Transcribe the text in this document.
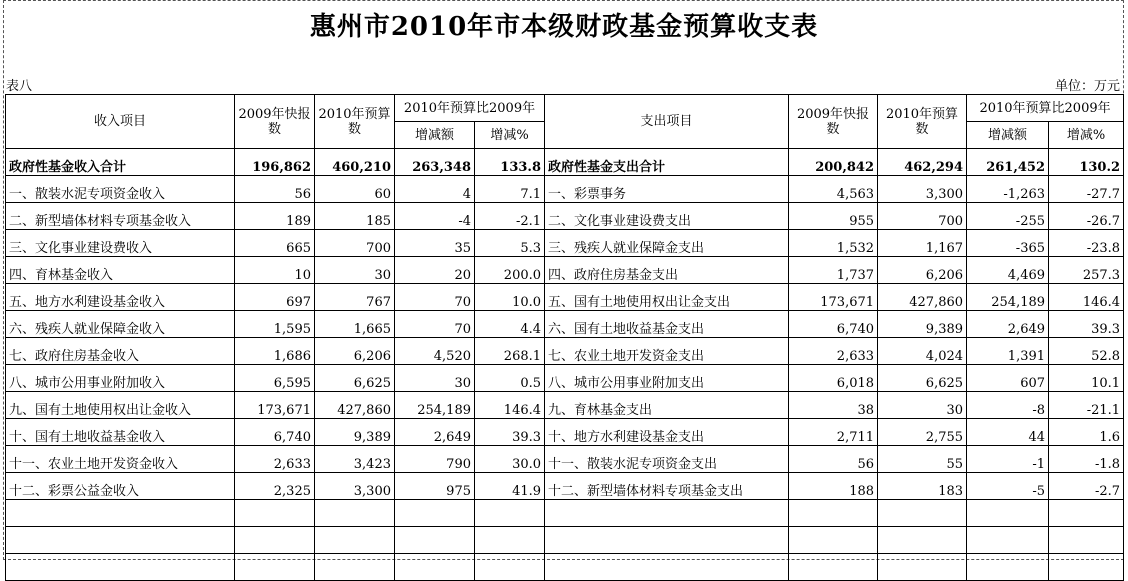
惠州市2010年市本级财政基金预算收支表
表八	单位：万元
收入项目	2009年快报数	2010年预算数	2010年预算比2009年		支出项目	2009年快报数	2010年预算数	2010年预算比2009年	
			增减额	增减%				增减额	增减%
政府性基金收入合计	196,862	460,210	263,348	133.8	政府性基金支出合计	200,842	462,294	261,452	130.2
一、散装水泥专项资金收入	56	60	4	7.1	一、彩票事务	4,563	3,300	-1,263	-27.7
二、新型墙体材料专项基金收入	189	185	-4	-2.1	二、文化事业建设费支出	955	700	-255	-26.7
三、文化事业建设费收入	665	700	35	5.3	三、残疾人就业保障金支出	1,532	1,167	-365	-23.8
四、育林基金收入	10	30	20	200.0	四、政府住房基金支出	1,737	6,206	4,469	257.3
五、地方水利建设基金收入	697	767	70	10.0	五、国有土地使用权出让金支出	173,671	427,860	254,189	146.4
六、残疾人就业保障金收入	1,595	1,665	70	4.4	六、国有土地收益基金支出	6,740	9,389	2,649	39.3
七、政府住房基金收入	1,686	6,206	4,520	268.1	七、农业土地开发资金支出	2,633	4,024	1,391	52.8
八、城市公用事业附加收入	6,595	6,625	30	0.5	八、城市公用事业附加支出	6,018	6,625	607	10.1
九、国有土地使用权出让金收入	173,671	427,860	254,189	146.4	九、育林基金支出	38	30	-8	-21.1
十、国有土地收益基金收入	6,740	9,389	2,649	39.3	十、地方水利建设基金支出	2,711	2,755	44	1.6
十一、农业土地开发资金收入	2,633	3,423	790	30.0	十一、散装水泥专项资金支出	56	55	-1	-1.8
十二、彩票公益金收入	2,325	3,300	975	41.9	十二、新型墙体材料专项基金支出	188	183	-5	-2.7
